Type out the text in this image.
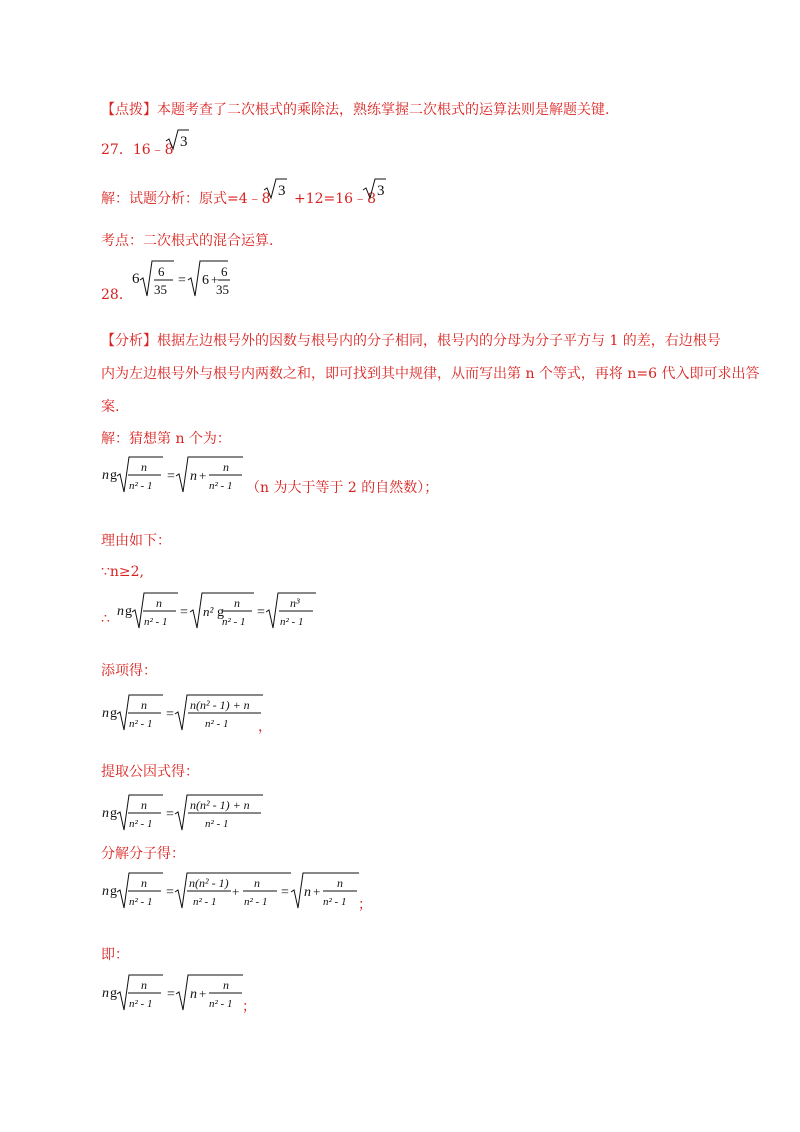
【点拨】本题考查了二次根式的乘除法，熟练掌握二次根式的运算法则是解题关键.
27．16﹣8 3
解：试题分析：原式=4﹣8 3 +12=16﹣8 3
考点：二次根式的混合运算.
28．
6 6
35
= 6 +
6
35
【分析】根据左边根号外的因数与根号内的分子相同，根号内的分母为分子平方与 1 的差，右边根号
内为左边根号外与根号内两数之和，即可找到其中规律，从而写出第 n 个等式，再将 n=6 代入即可求出答
案.
解：猜想第 n 个为：
n g
n
n² - 1
= n +
n
n² - 1 （n 为大于等于 2 的自然数）；
理由如下：
∵n≥2,
∴ n g
n
n² - 1
= n² g
n
n² - 1
=
n³
n² - 1
添项得：
n g
n
n² - 1
=
n(n² - 1) + n
n² - 1 ，
提取公因式得：
n g
n
n² - 1
=
n(n² - 1) + n
n² - 1
分解分子得：
n g
n
n² - 1
=
n(n² - 1)
n² - 1
+
n
n² - 1
= n +
n
n² - 1 ；
即：
n g
n
n² - 1
= n +
n
n² - 1 ；
